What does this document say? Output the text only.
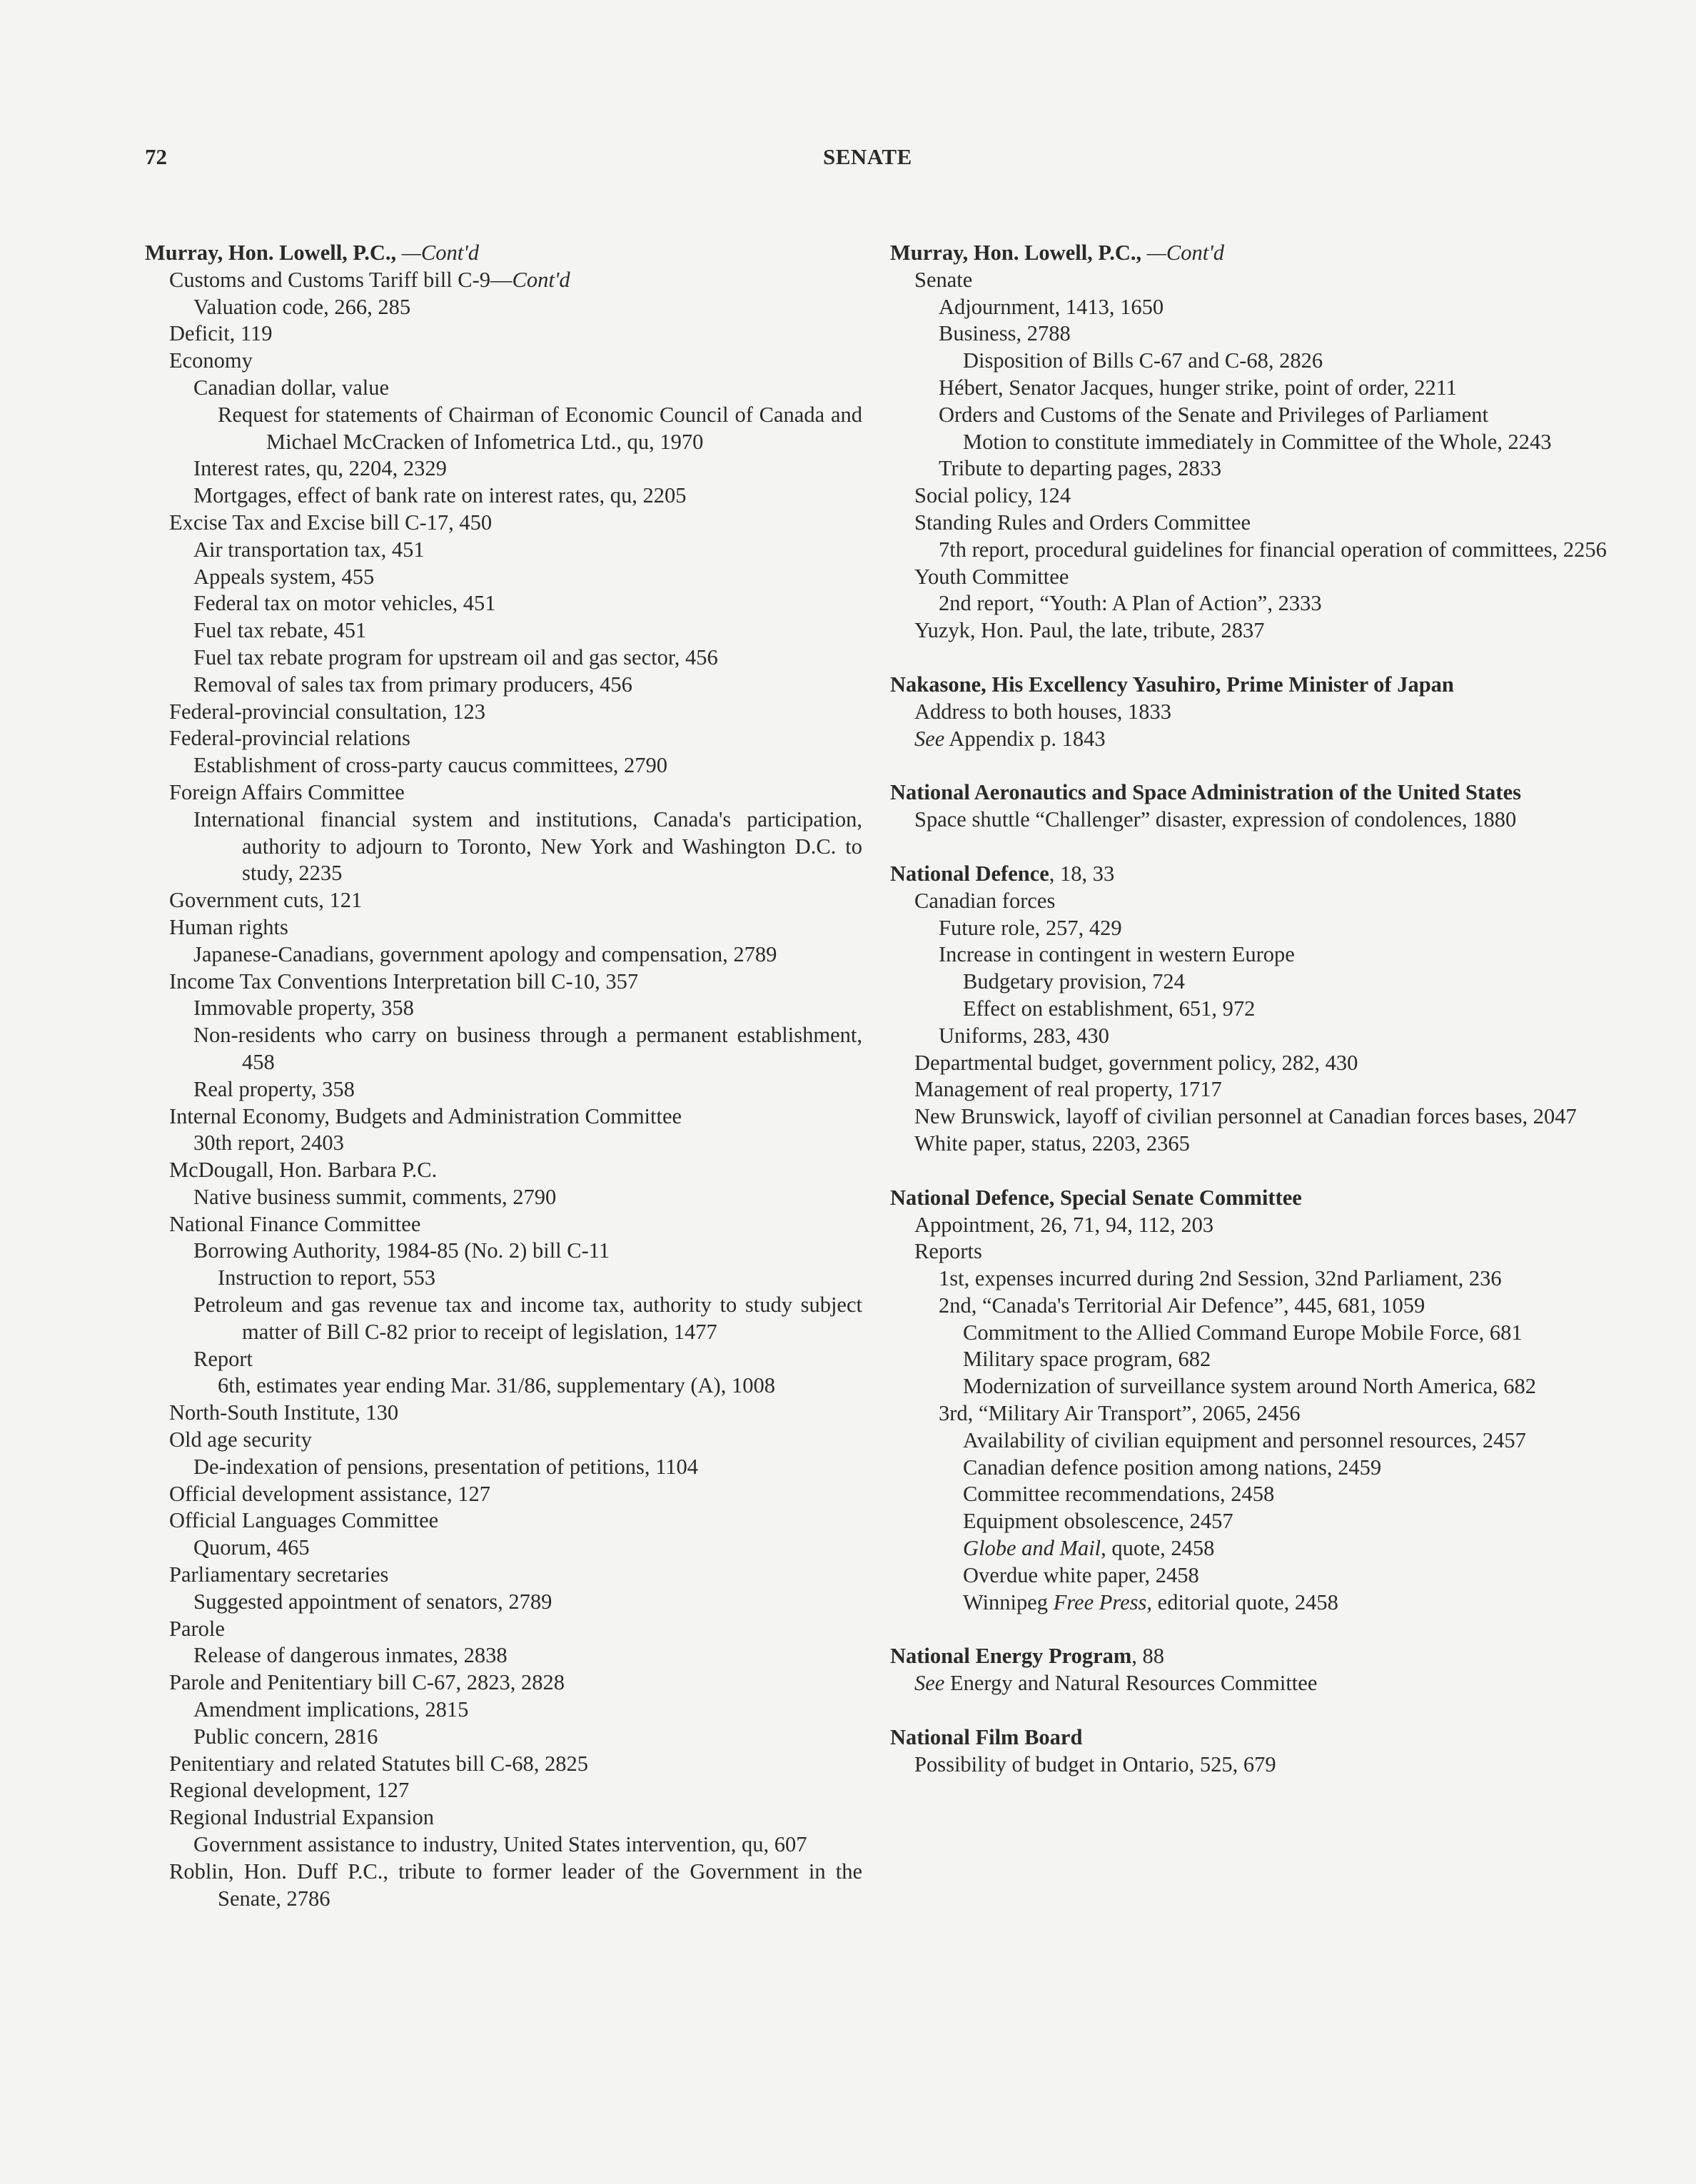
72	SENATE
Murray, Hon. Lowell, P.C., —Cont'd
Customs and Customs Tariff bill C-9—Cont'd
Valuation code, 266, 285
Deficit, 119
Economy
Canadian dollar, value
Request for statements of Chairman of Economic Council of Canada and Michael McCracken of Infometrica Ltd., qu, 1970
Interest rates, qu, 2204, 2329
Mortgages, effect of bank rate on interest rates, qu, 2205
Excise Tax and Excise bill C-17, 450
Air transportation tax, 451
Appeals system, 455
Federal tax on motor vehicles, 451
Fuel tax rebate, 451
Fuel tax rebate program for upstream oil and gas sector, 456
Removal of sales tax from primary producers, 456
Federal-provincial consultation, 123
Federal-provincial relations
Establishment of cross-party caucus committees, 2790
Foreign Affairs Committee
International financial system and institutions, Canada's participation, authority to adjourn to Toronto, New York and Washington D.C. to study, 2235
Government cuts, 121
Human rights
Japanese-Canadians, government apology and compensation, 2789
Income Tax Conventions Interpretation bill C-10, 357
Immovable property, 358
Non-residents who carry on business through a permanent establishment, 458
Real property, 358
Internal Economy, Budgets and Administration Committee
30th report, 2403
McDougall, Hon. Barbara P.C.
Native business summit, comments, 2790
National Finance Committee
Borrowing Authority, 1984-85 (No. 2) bill C-11
Instruction to report, 553
Petroleum and gas revenue tax and income tax, authority to study subject matter of Bill C-82 prior to receipt of legislation, 1477
Report
6th, estimates year ending Mar. 31/86, supplementary (A), 1008
North-South Institute, 130
Old age security
De-indexation of pensions, presentation of petitions, 1104
Official development assistance, 127
Official Languages Committee
Quorum, 465
Parliamentary secretaries
Suggested appointment of senators, 2789
Parole
Release of dangerous inmates, 2838
Parole and Penitentiary bill C-67, 2823, 2828
Amendment implications, 2815
Public concern, 2816
Penitentiary and related Statutes bill C-68, 2825
Regional development, 127
Regional Industrial Expansion
Government assistance to industry, United States intervention, qu, 607
Roblin, Hon. Duff P.C., tribute to former leader of the Government in the Senate, 2786
Murray, Hon. Lowell, P.C., —Cont'd
Senate
Adjournment, 1413, 1650
Business, 2788
Disposition of Bills C-67 and C-68, 2826
Hébert, Senator Jacques, hunger strike, point of order, 2211
Orders and Customs of the Senate and Privileges of Parliament
Motion to constitute immediately in Committee of the Whole, 2243
Tribute to departing pages, 2833
Social policy, 124
Standing Rules and Orders Committee
7th report, procedural guidelines for financial operation of committees, 2256
Youth Committee
2nd report, “Youth: A Plan of Action”, 2333
Yuzyk, Hon. Paul, the late, tribute, 2837
Nakasone, His Excellency Yasuhiro, Prime Minister of Japan
Address to both houses, 1833
See Appendix p. 1843
National Aeronautics and Space Administration of the United States
Space shuttle “Challenger” disaster, expression of condolences, 1880
National Defence, 18, 33
Canadian forces
Future role, 257, 429
Increase in contingent in western Europe
Budgetary provision, 724
Effect on establishment, 651, 972
Uniforms, 283, 430
Departmental budget, government policy, 282, 430
Management of real property, 1717
New Brunswick, layoff of civilian personnel at Canadian forces bases, 2047
White paper, status, 2203, 2365
National Defence, Special Senate Committee
Appointment, 26, 71, 94, 112, 203
Reports
1st, expenses incurred during 2nd Session, 32nd Parliament, 236
2nd, “Canada's Territorial Air Defence”, 445, 681, 1059
Commitment to the Allied Command Europe Mobile Force, 681
Military space program, 682
Modernization of surveillance system around North America, 682
3rd, “Military Air Transport”, 2065, 2456
Availability of civilian equipment and personnel resources, 2457
Canadian defence position among nations, 2459
Committee recommendations, 2458
Equipment obsolescence, 2457
Globe and Mail, quote, 2458
Overdue white paper, 2458
Winnipeg Free Press, editorial quote, 2458
National Energy Program, 88
See Energy and Natural Resources Committee
National Film Board
Possibility of budget in Ontario, 525, 679
